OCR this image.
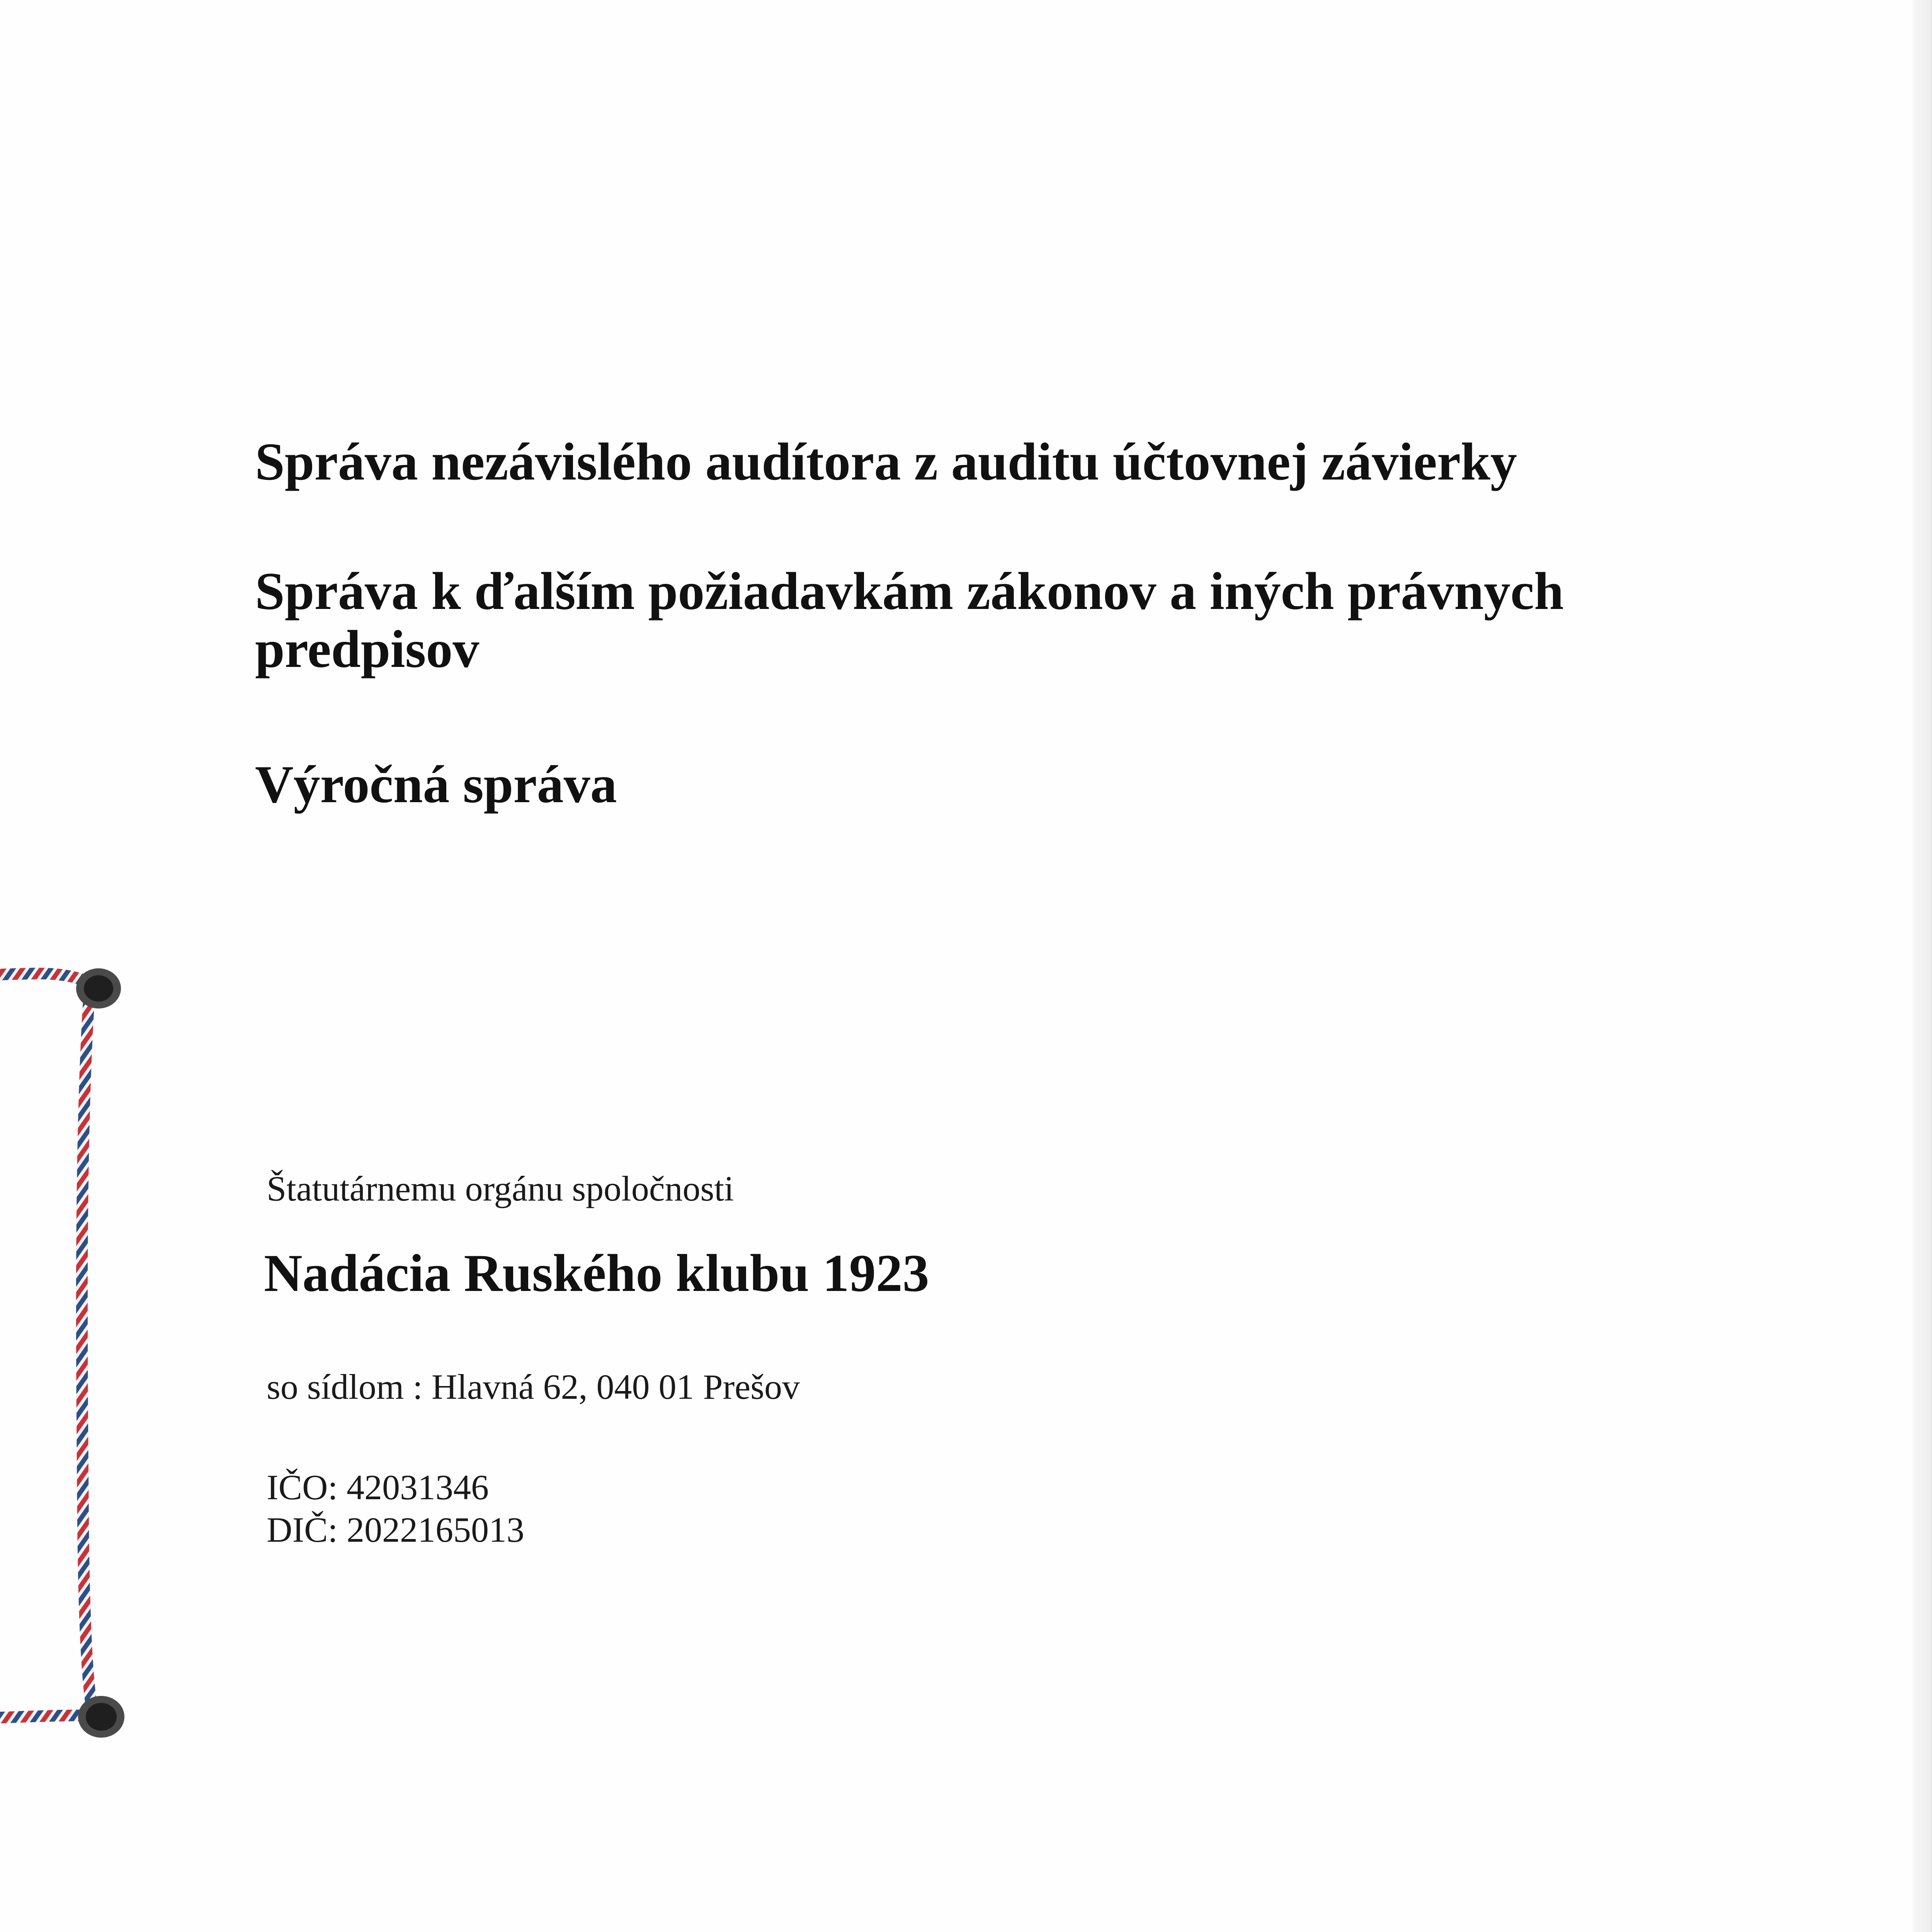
Správa nezávislého audítora z auditu účtovnej závierky
Správa k ďalším požiadavkám zákonov a iných právnych
predpisov
Výročná správa

Štatutárnemu orgánu spoločnosti

Nadácia Ruského klubu 1923

so sídlom : Hlavná 62, 040 01 Prešov

IČO: 42031346

DIČ: 2022165013
